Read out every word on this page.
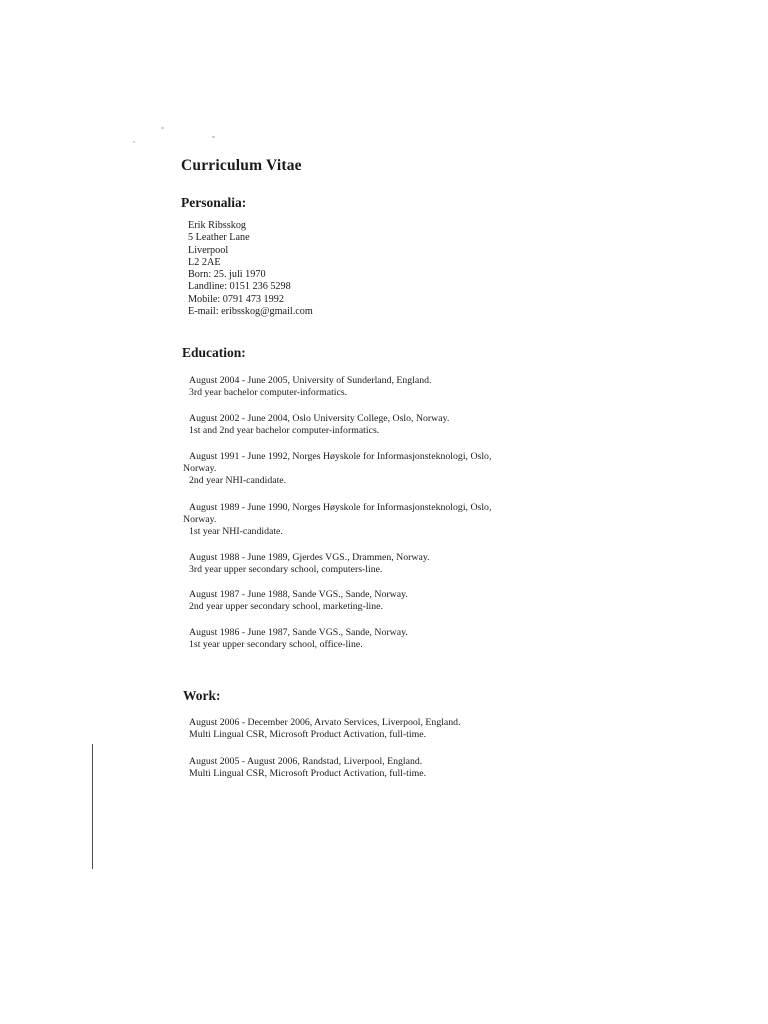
Curriculum Vitae
Personalia:
Erik Ribsskog
5 Leather Lane
Liverpool
L2 2AE
Born: 25. juli 1970
Landline: 0151 236 5298
Mobile: 0791 473 1992
E-mail: eribsskog@gmail.com
Education:
August 2004 - June 2005, University of Sunderland, England.
3rd year bachelor computer-informatics.
August 2002 - June 2004, Oslo University College, Oslo, Norway.
1st and 2nd year bachelor computer-informatics.
August 1991 - June 1992, Norges Høyskole for Informasjonsteknologi, Oslo,
Norway.
2nd year NHI-candidate.
August 1989 - June 1990, Norges Høyskole for Informasjonsteknologi, Oslo,
Norway.
1st year NHI-candidate.
August 1988 - June 1989, Gjerdes VGS., Drammen, Norway.
3rd year upper secondary school, computers-line.
August 1987 - June 1988, Sande VGS., Sande, Norway.
2nd year upper secondary school, marketing-line.
August 1986 - June 1987, Sande VGS., Sande, Norway.
1st year upper secondary school, office-line.
Work:
August 2006 - December 2006, Arvato Services, Liverpool, England.
Multi Lingual CSR, Microsoft Product Activation, full-time.
August 2005 - August 2006, Randstad, Liverpool, England.
Multi Lingual CSR, Microsoft Product Activation, full-time.
